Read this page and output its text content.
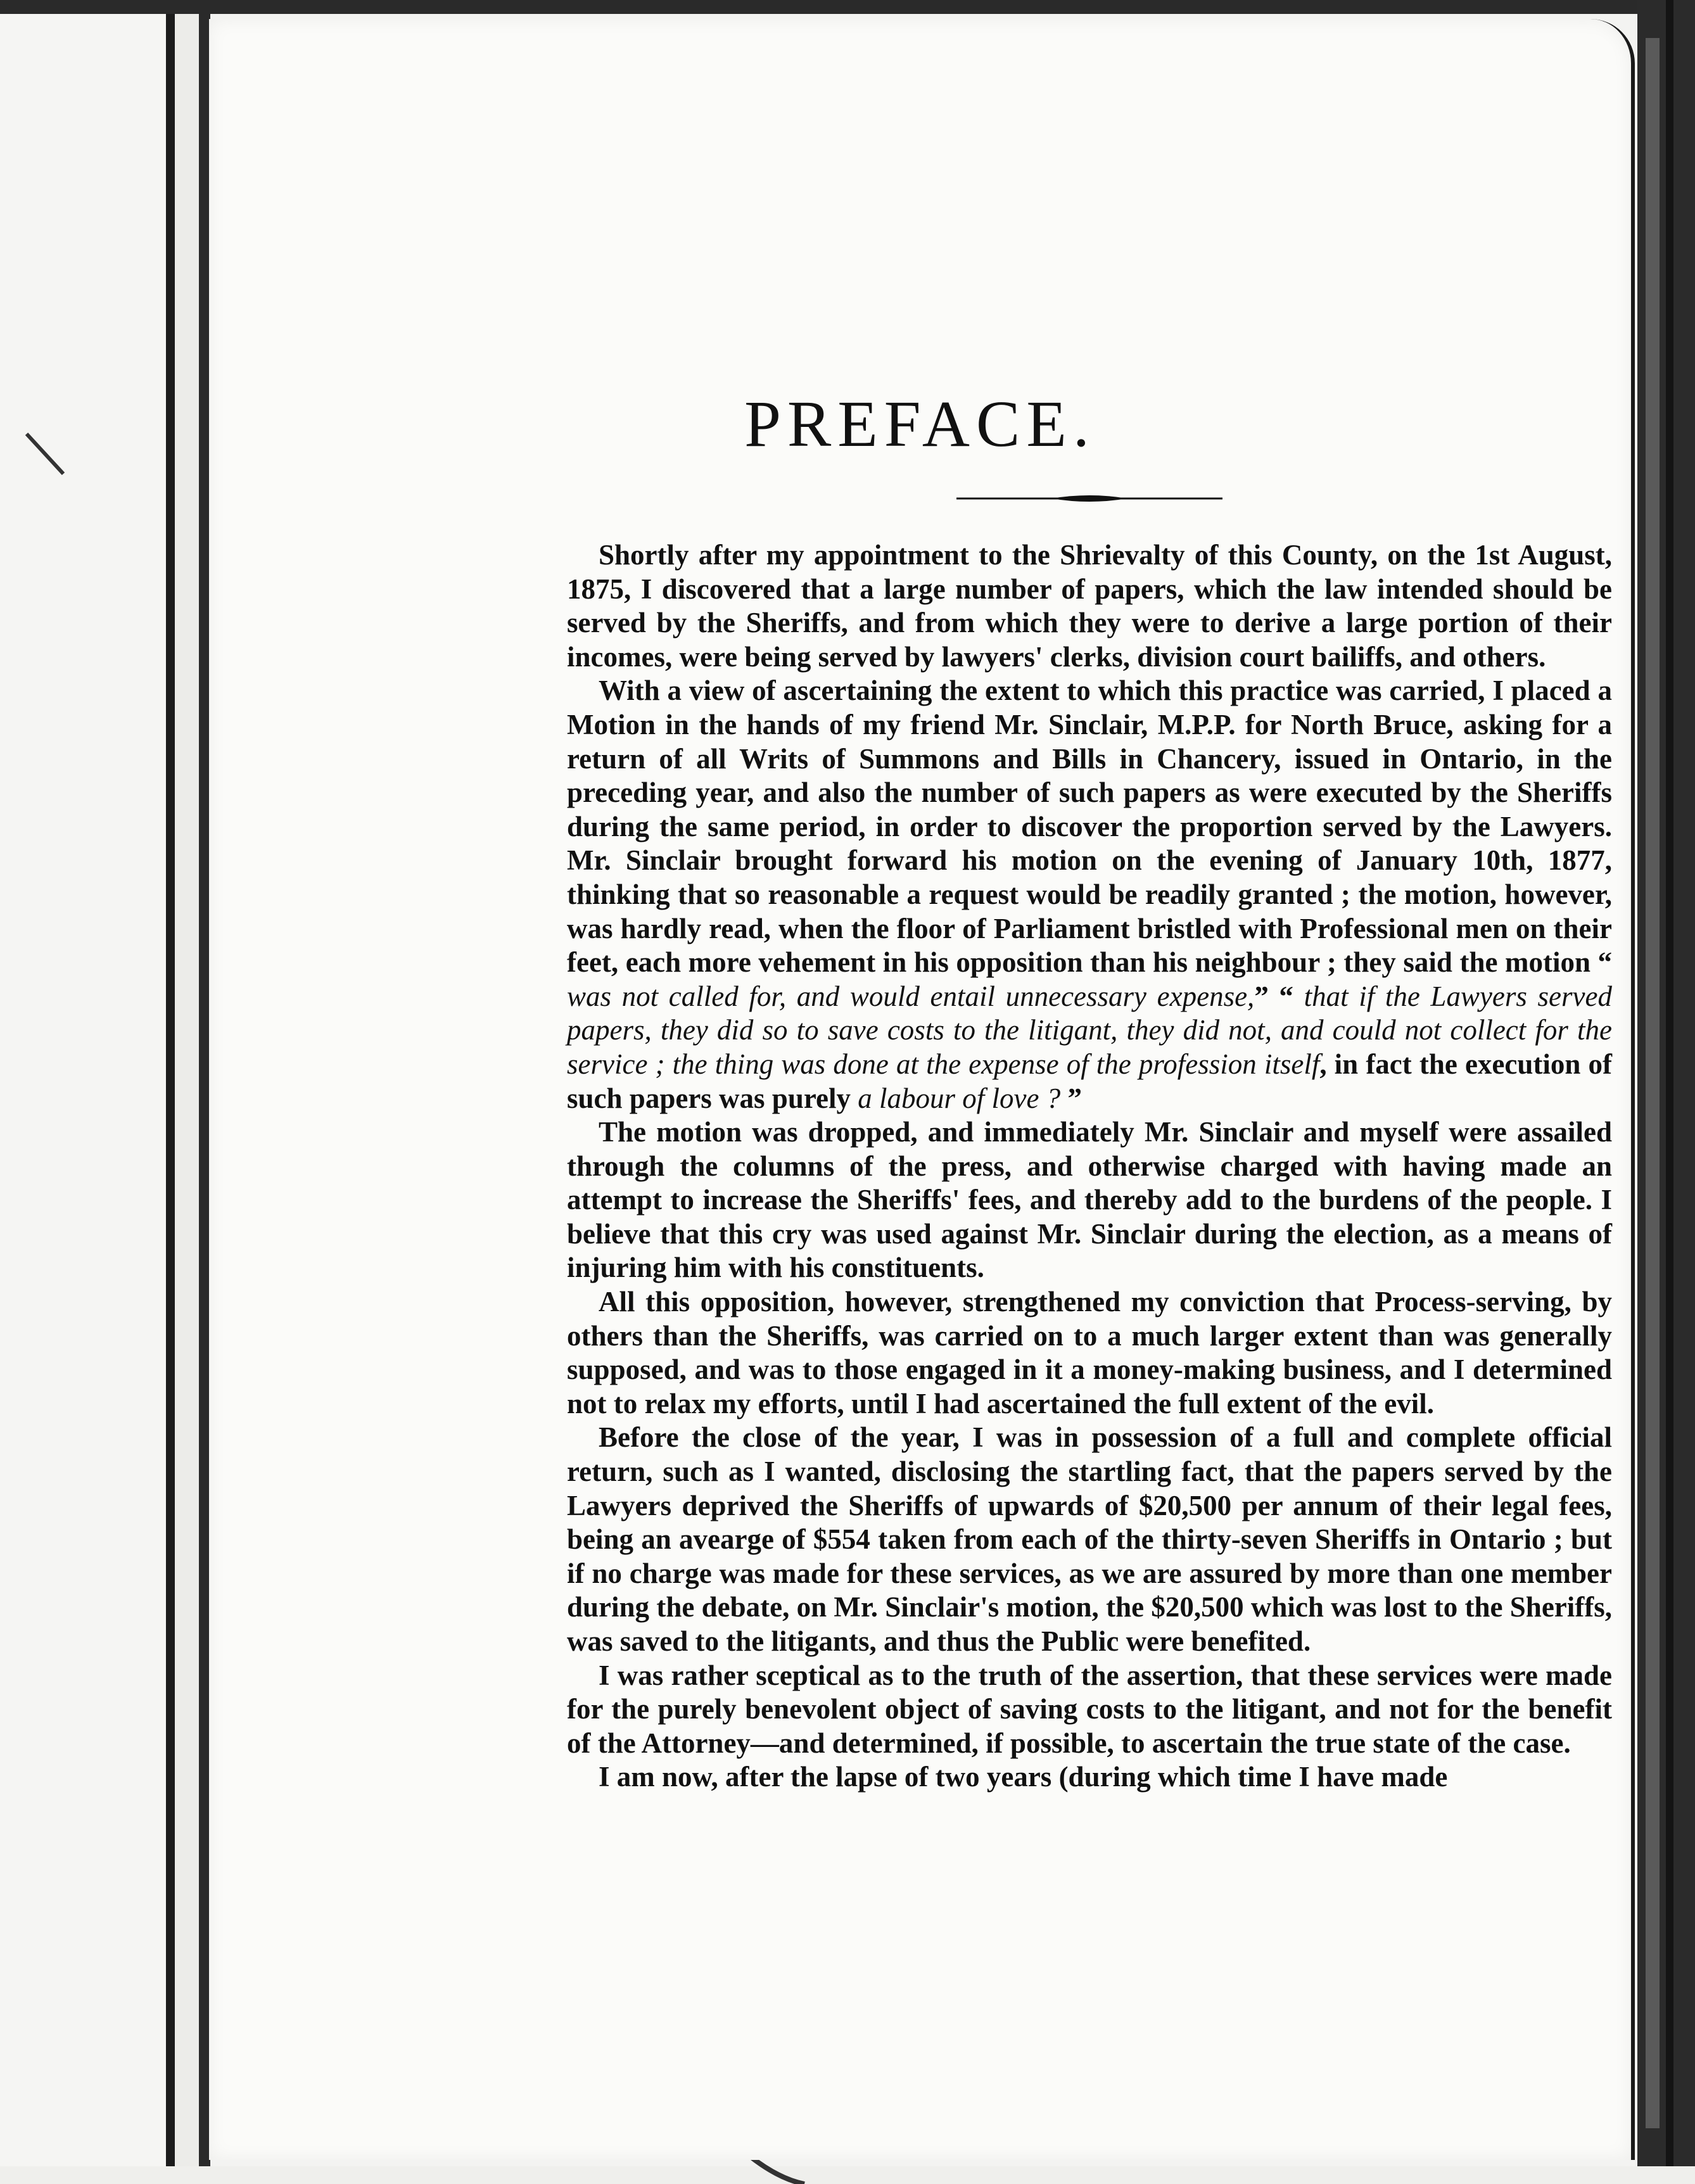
PREFACE.

Shortly after my appointment to the Shrievalty of this County, on the 1st August, 1875, I discovered that a large number of papers, which the law intended should be served by the Sheriffs, and from which they were to derive a large portion of their incomes, were being served by lawyers' clerks, division court bailiffs, and others.

With a view of ascertaining the extent to which this practice was carried, I placed a Motion in the hands of my friend Mr. Sinclair, M.P.P. for North Bruce, asking for a return of all Writs of Summons and Bills in Chancery, issued in Ontario, in the preceding year, and also the number of such papers as were executed by the Sheriffs during the same period, in order to discover the proportion served by the Lawyers. Mr. Sinclair brought forward his motion on the evening of January 10th, 1877, thinking that so reasonable a request would be readily granted ; the motion, however, was hardly read, when the floor of Parliament bristled with Professional men on their feet, each more vehement in his opposition than his neighbour ; they said the motion “ was not called for, and would entail unnecessary expense,” “ that if the Lawyers served papers, they did so to save costs to the litigant, they did not, and could not collect for the service ; the thing was done at the expense of the profession itself, in fact the execution of such papers was purely a labour of love ? ”

The motion was dropped, and immediately Mr. Sinclair and myself were assailed through the columns of the press, and otherwise charged with having made an attempt to increase the Sheriffs' fees, and thereby add to the burdens of the people. I believe that this cry was used against Mr. Sinclair during the election, as a means of injuring him with his constituents.

All this opposition, however, strengthened my conviction that Process-serving, by others than the Sheriffs, was carried on to a much larger extent than was generally supposed, and was to those engaged in it a money-making business, and I determined not to relax my efforts, until I had ascertained the full extent of the evil.

Before the close of the year, I was in possession of a full and complete official return, such as I wanted, disclosing the startling fact, that the papers served by the Lawyers deprived the Sheriffs of upwards of $20,500 per annum of their legal fees, being an avearge of $554 taken from each of the thirty-seven Sheriffs in Ontario ; but if no charge was made for these services, as we are assured by more than one member during the debate, on Mr. Sinclair's motion, the $20,500 which was lost to the Sheriffs, was saved to the litigants, and thus the Public were benefited.

I was rather sceptical as to the truth of the assertion, that these services were made for the purely benevolent object of saving costs to the litigant, and not for the benefit of the Attorney—and determined, if possible, to ascertain the true state of the case.

I am now, after the lapse of two years (during which time I have made
